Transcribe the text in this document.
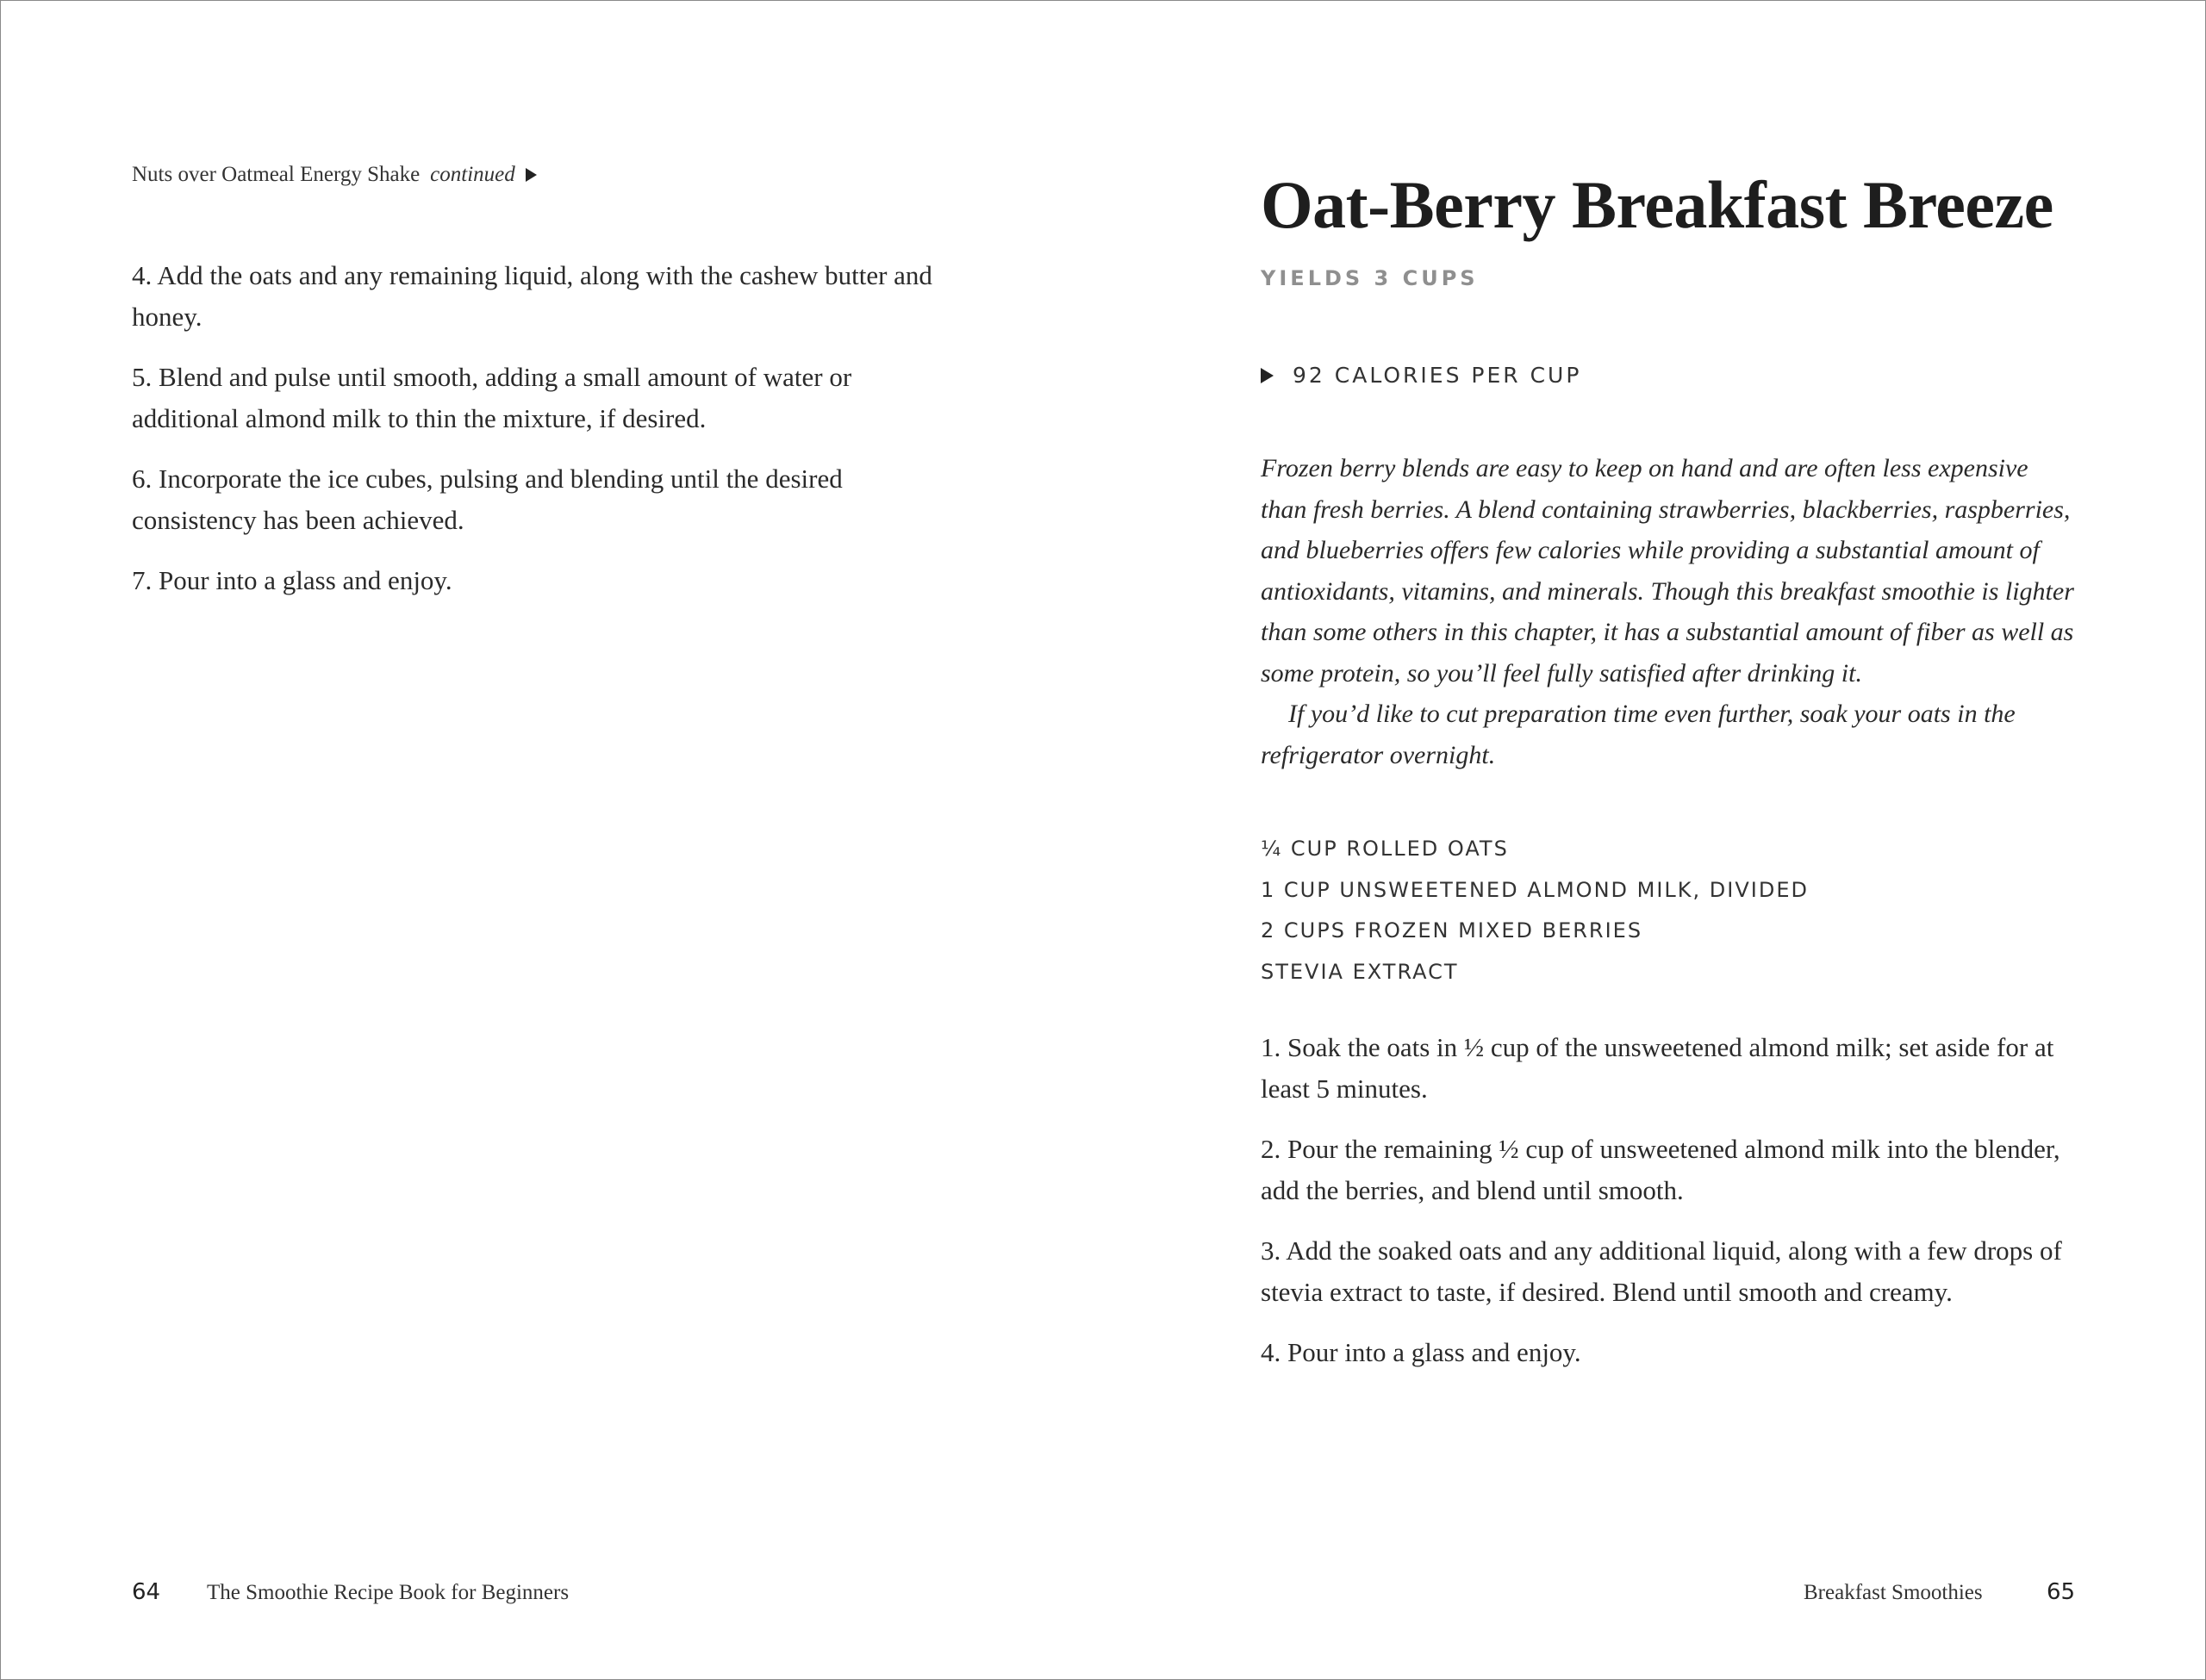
Nuts over Oatmeal Energy Shake continued

4. Add the oats and any remaining liquid, along with the cashew butter and honey.

5. Blend and pulse until smooth, adding a small amount of water or additional almond milk to thin the mixture, if desired.

6. Incorporate the ice cubes, pulsing and blending until the desired consistency has been achieved.

7. Pour into a glass and enjoy.

64 The Smoothie Recipe Book for Beginners
Oat-Berry Breakfast Breeze
YIELDS 3 CUPS
92 CALORIES PER CUP

Frozen berry blends are easy to keep on hand and are often less expensive than fresh berries. A blend containing strawberries, blackberries, raspberries, and blueberries offers few calories while providing a substantial amount of antioxidants, vitamins, and minerals. Though this breakfast smoothie is lighter than some others in this chapter, it has a substantial amount of fiber as well as some protein, so you’ll feel fully satisfied after drinking it.

If you’d like to cut preparation time even further, soak your oats in the refrigerator overnight.

¼ CUP ROLLED OATS
1 CUP UNSWEETENED ALMOND MILK, DIVIDED
2 CUPS FROZEN MIXED BERRIES
STEVIA EXTRACT

1. Soak the oats in ½ cup of the unsweetened almond milk; set aside for at least 5 minutes.

2. Pour the remaining ½ cup of unsweetened almond milk into the blender, add the berries, and blend until smooth.

3. Add the soaked oats and any additional liquid, along with a few drops of stevia extract to taste, if desired. Blend until smooth and creamy.

4. Pour into a glass and enjoy.

Breakfast Smoothies	65
